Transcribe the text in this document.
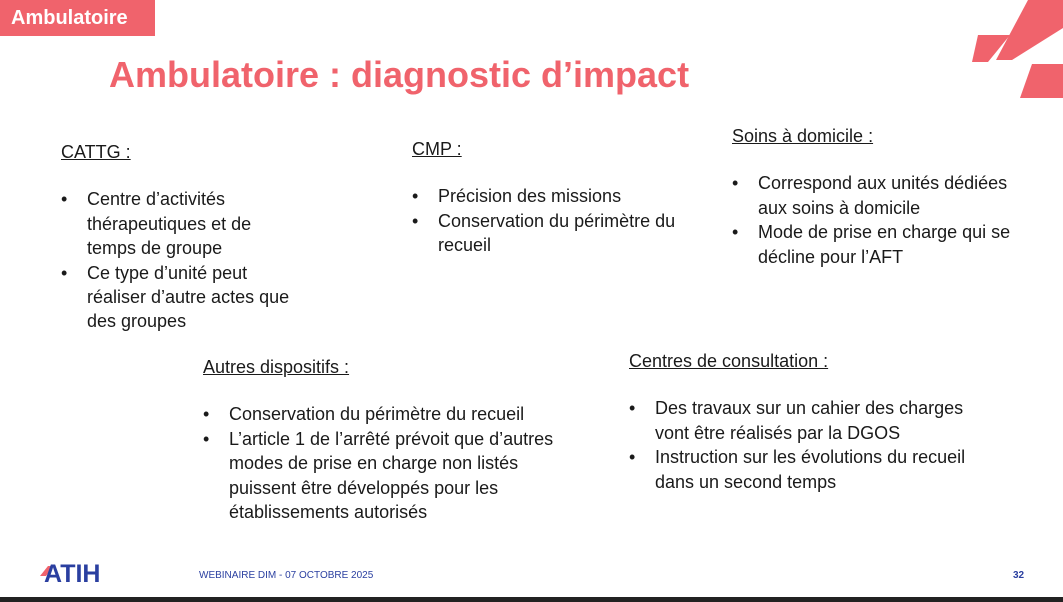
Ambulatoire
Ambulatoire : diagnostic d’impact
CATTG :
• Centre d’activités thérapeutiques et de temps de groupe
• Ce type d’unité peut réaliser d’autre actes que des groupes
CMP :
• Précision des missions
• Conservation du périmètre du recueil
Soins à domicile :
• Correspond aux unités dédiées aux soins à domicile
• Mode de prise en charge qui se décline pour l’AFT
Autres dispositifs :
• Conservation du périmètre du recueil
• L’article 1 de l’arrêté prévoit que d’autres modes de prise en charge non listés puissent être développés pour les établissements autorisés
Centres de consultation :
• Des travaux sur un cahier des charges vont être réalisés par la DGOS
• Instruction sur les évolutions du recueil dans un second temps
ATIH	WEBINAIRE DIM - 07 OCTOBRE 2025	32
